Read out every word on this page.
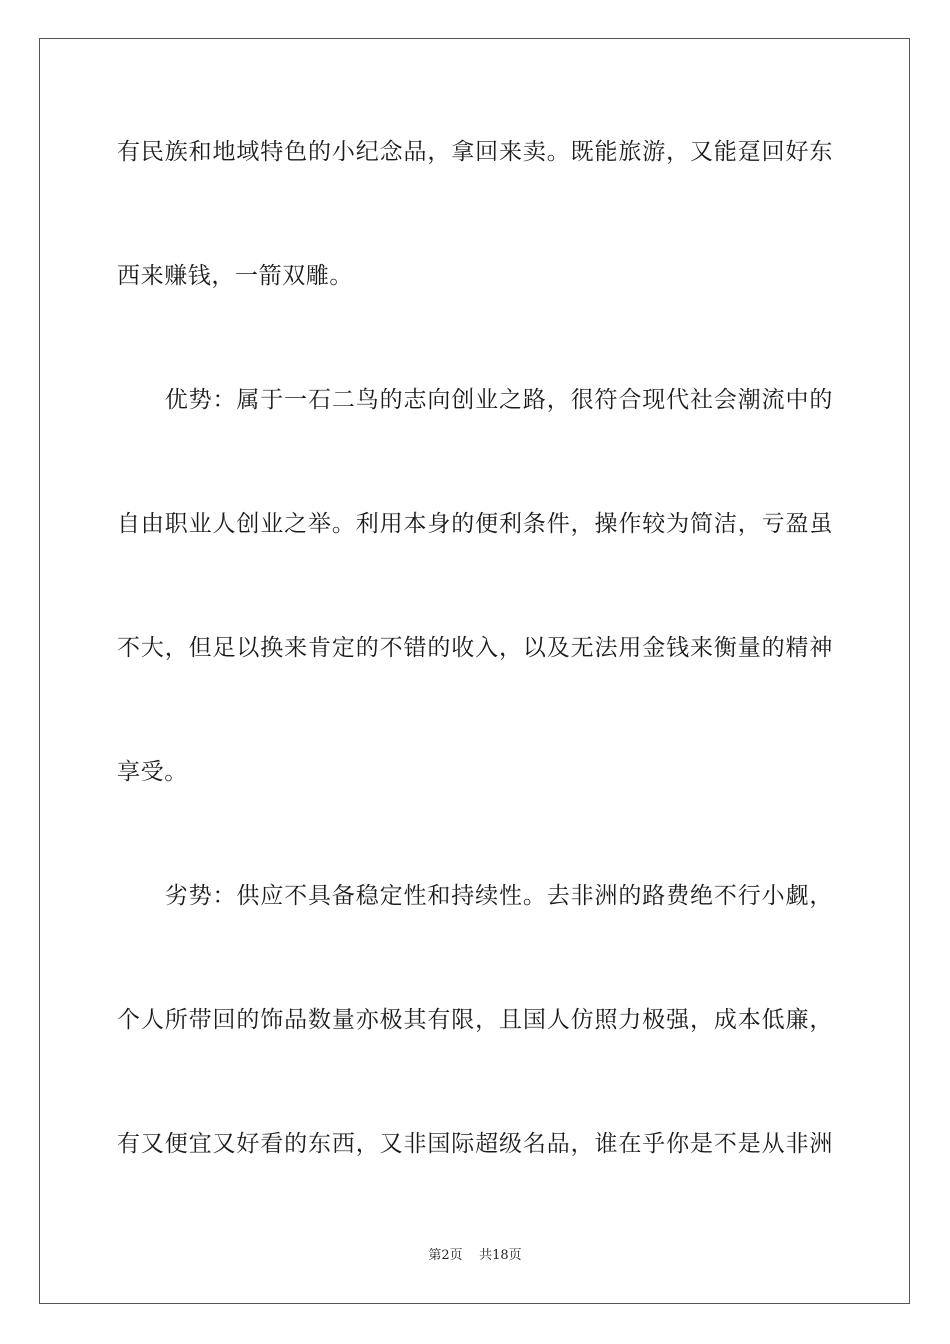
有民族和地域特色的小纪念品，拿回来卖。既能旅游，又能趸回好东
西来赚钱，一箭双雕。
　　优势：属于一石二鸟的志向创业之路，很符合现代社会潮流中的
自由职业人创业之举。利用本身的便利条件，操作较为简洁，亏盈虽
不大，但足以换来肯定的不错的收入，以及无法用金钱来衡量的精神
享受。
　　劣势：供应不具备稳定性和持续性。去非洲的路费绝不行小觑，
个人所带回的饰品数量亦极其有限，且国人仿照力极强，成本低廉，
有又便宜又好看的东西，又非国际超级名品，谁在乎你是不是从非洲
第2页 共18页
